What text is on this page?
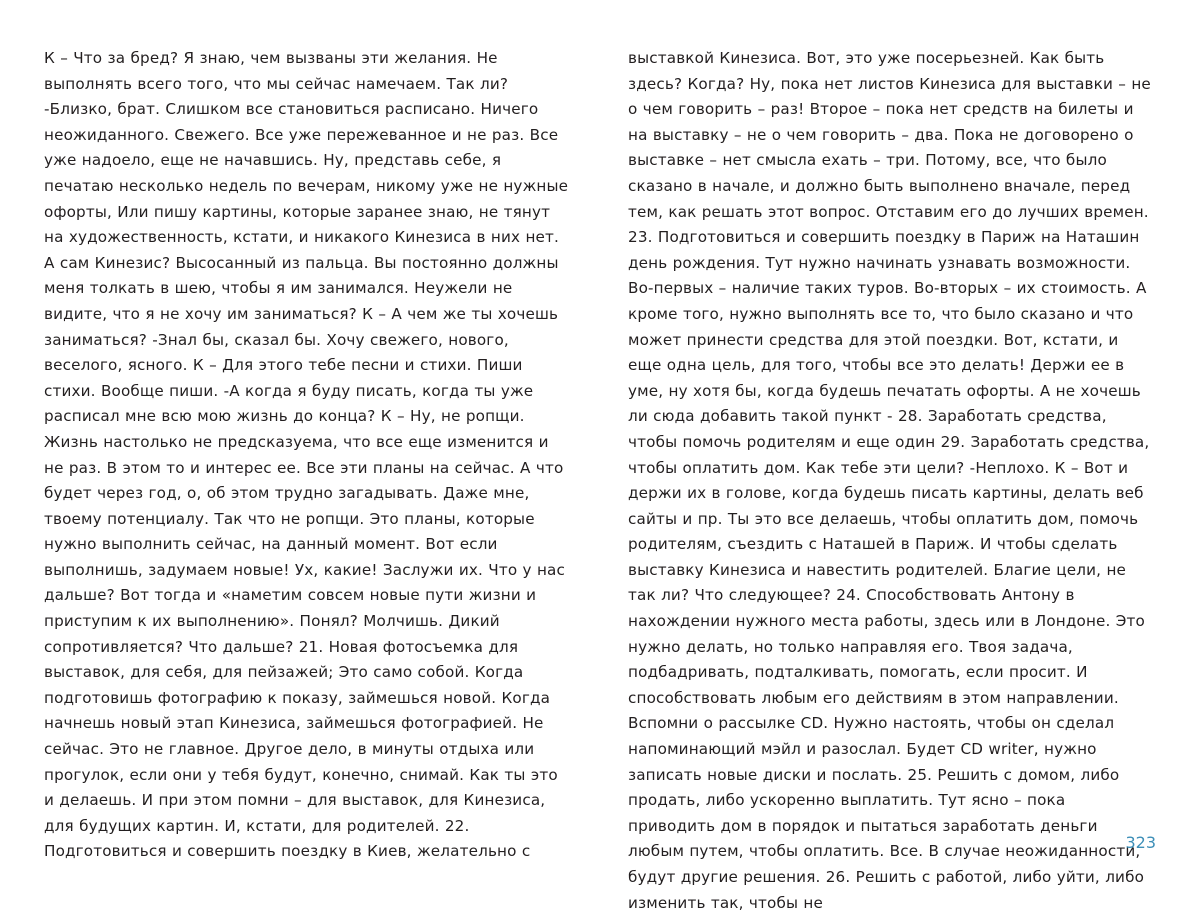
К – Что за бред? Я знаю, чем вызваны эти желания. Не выполнять всего того, что мы сейчас намечаем. Так ли? -Близко, брат. Слишком все становиться расписано. Ничего неожиданного. Свежего. Все уже пережеванное и не раз. Все уже надоело, еще не начавшись. Ну, представь себе, я печатаю несколько недель по вечерам, никому уже не нужные офорты, Или пишу картины, которые заранее знаю, не тянут на художественность, кстати, и никакого Кинезиса в них нет. А сам Кинезис? Высосанный из пальца. Вы постоянно должны меня толкать в шею, чтобы я им занимался. Неужели не видите, что я не хочу им заниматься? К – А чем же ты хочешь заниматься? -Знал бы, сказал бы. Хочу свежего, нового, веселого, ясного. К – Для этого тебе песни и стихи. Пиши стихи. Вообще пиши. -А когда я буду писать, когда ты уже расписал мне всю мою жизнь до конца? К – Ну, не ропщи. Жизнь настолько не предсказуема, что все еще изменится и не раз. В этом то и интерес ее. Все эти планы на сейчас. А что будет через год, о, об этом трудно загадывать. Даже мне, твоему потенциалу. Так что не ропщи. Это планы, которые нужно выполнить сейчас, на данный момент. Вот если выполнишь, задумаем новые! Ух, какие! Заслужи их. Что у нас дальше? Вот тогда и «наметим совсем новые пути жизни и приступим к их выполнению». Понял? Молчишь. Дикий сопротивляется? Что дальше? 21. Новая фотосъемка для выставок, для себя, для пейзажей; Это само собой. Когда подготовишь фотографию к показу, займешься новой. Когда начнешь новый этап Кинезиса, займешься фотографией. Не сейчас. Это не главное. Другое дело, в минуты отдыха или прогулок, если они у тебя будут, конечно, снимай. Как ты это и делаешь. И при этом помни – для выставок, для Кинезиса, для будущих картин. И, кстати, для родителей. 22. Подготовиться и совершить поездку в Киев, желательно с

выставкой Кинезиса. Вот, это уже посерьезней. Как быть здесь? Когда? Ну, пока нет листов Кинезиса для выставки – не о чем говорить – раз! Второе – пока нет средств на билеты и на выставку – не о чем говорить – два. Пока не договорено о выставке – нет смысла ехать – три. Потому, все, что было сказано в начале, и должно быть выполнено вначале, перед тем, как решать этот вопрос. Отставим его до лучших времен. 23. Подготовиться и совершить поездку в Париж на Наташин день рождения. Тут нужно начинать узнавать возможности. Во-первых – наличие таких туров. Во-вторых – их стоимость. А кроме того, нужно выполнять все то, что было сказано и что может принести средства для этой поездки. Вот, кстати, и еще одна цель, для того, чтобы все это делать! Держи ее в уме, ну хотя бы, когда будешь печатать офорты. А не хочешь ли сюда добавить такой пункт - 28. Заработать средства, чтобы помочь родителям и еще один 29. Заработать средства, чтобы оплатить дом. Как тебе эти цели? -Неплохо. К – Вот и держи их в голове, когда будешь писать картины, делать веб сайты и пр. Ты это все делаешь, чтобы оплатить дом, помочь родителям, съездить с Наташей в Париж. И чтобы сделать выставку Кинезиса и навестить родителей. Благие цели, не так ли? Что следующее? 24. Способствовать Антону в нахождении нужного места работы, здесь или в Лондоне. Это нужно делать, но только направляя его. Твоя задача, подбадривать, подталкивать, помогать, если просит. И способствовать любым его действиям в этом направлении. Вспомни о рассылке CD. Нужно настоять, чтобы он сделал напоминающий мэйл и разослал. Будет CD writer, нужно записать новые диски и послать. 25. Решить с домом, либо продать, либо ускоренно выплатить. Тут ясно – пока приводить дом в порядок и пытаться заработать деньги любым путем, чтобы оплатить. Все. В случае неожиданности, будут другие решения. 26. Решить с работой, либо уйти, либо изменить так, чтобы не

323
